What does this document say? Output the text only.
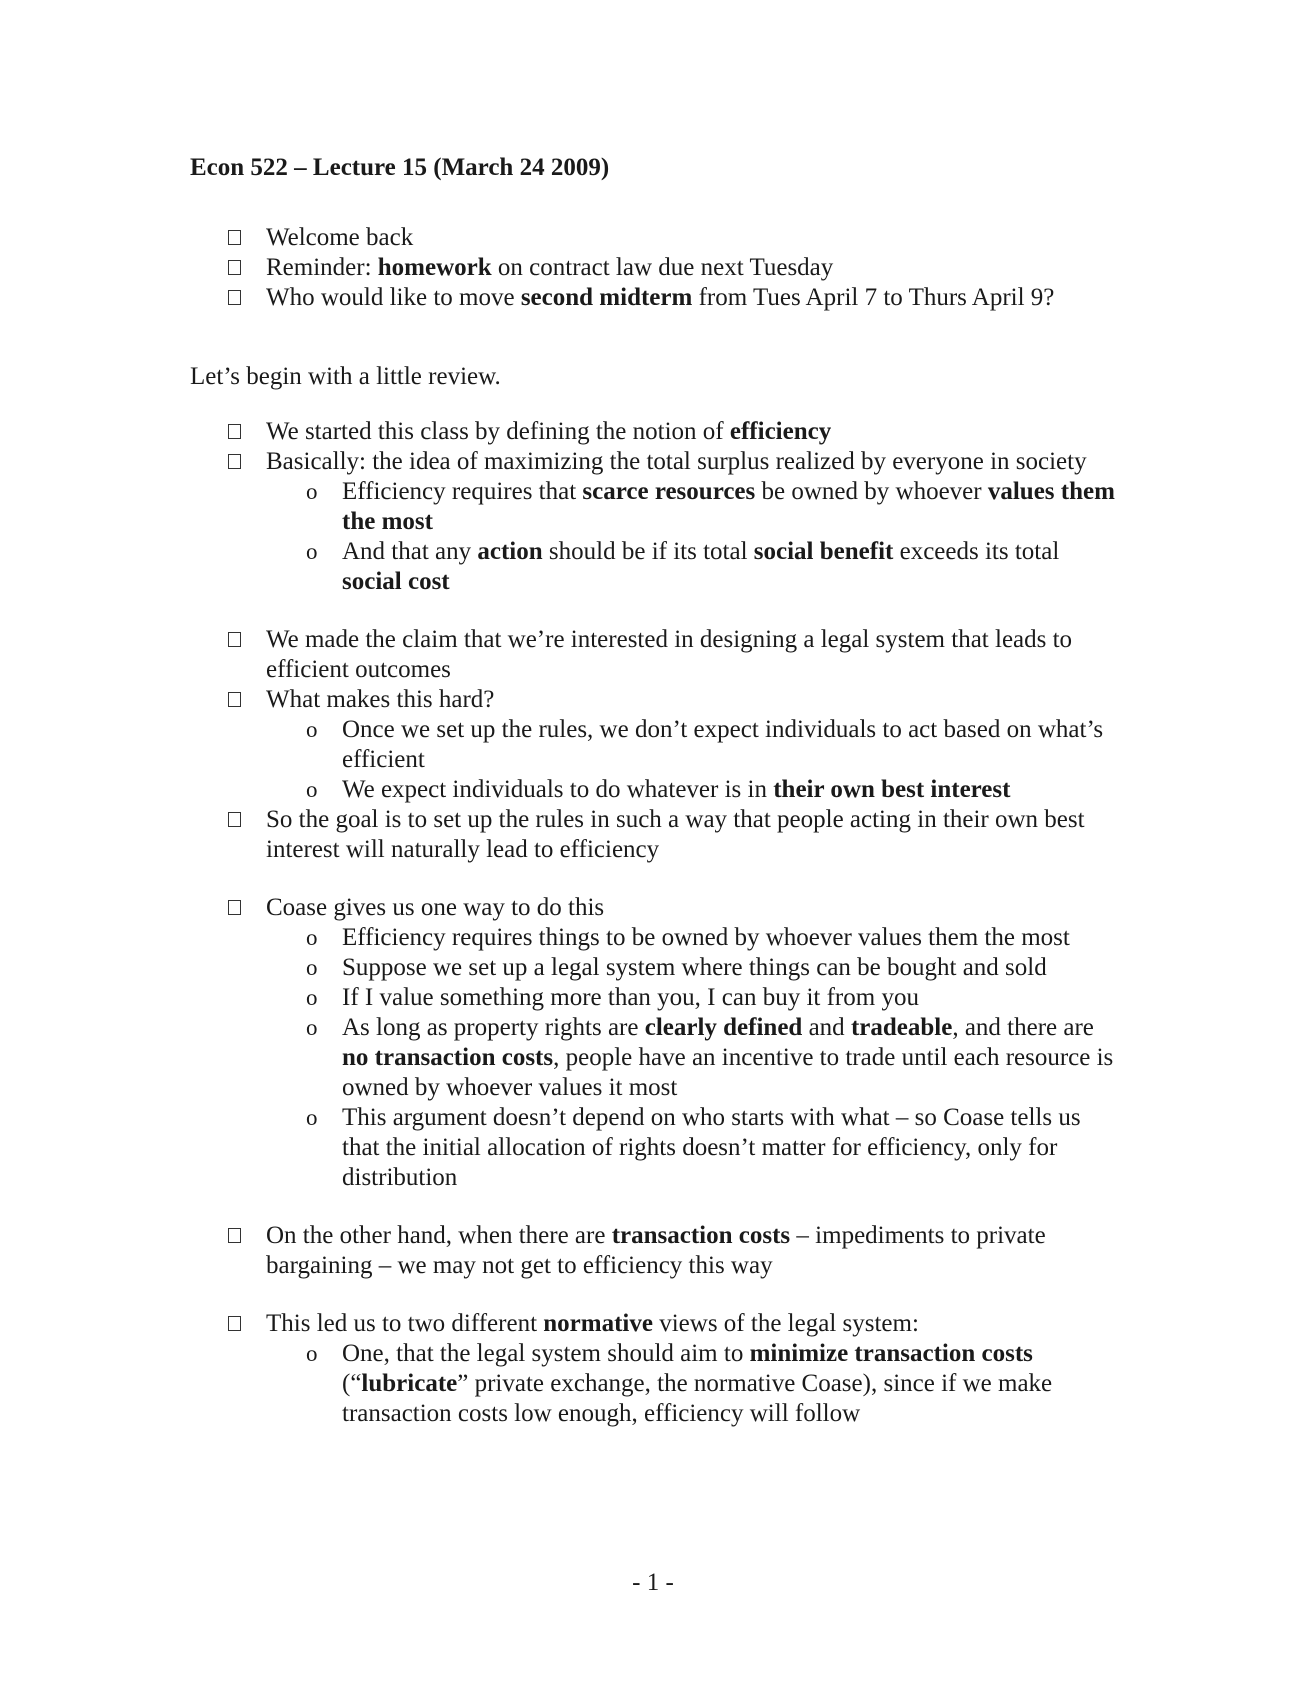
Econ 522 – Lecture 15 (March 24 2009)
Welcome back
Reminder: homework on contract law due next Tuesday
Who would like to move second midterm from Tues April 7 to Thurs April 9?
Let’s begin with a little review.
We started this class by defining the notion of efficiency
Basically: the idea of maximizing the total surplus realized by everyone in society
o Efficiency requires that scarce resources be owned by whoever values them the most
o And that any action should be if its total social benefit exceeds its total social cost
We made the claim that we’re interested in designing a legal system that leads to efficient outcomes
What makes this hard?
o Once we set up the rules, we don’t expect individuals to act based on what’s efficient
o We expect individuals to do whatever is in their own best interest
So the goal is to set up the rules in such a way that people acting in their own best interest will naturally lead to efficiency
Coase gives us one way to do this
o Efficiency requires things to be owned by whoever values them the most
o Suppose we set up a legal system where things can be bought and sold
o If I value something more than you, I can buy it from you
o As long as property rights are clearly defined and tradeable, and there are no transaction costs, people have an incentive to trade until each resource is owned by whoever values it most
o This argument doesn’t depend on who starts with what – so Coase tells us that the initial allocation of rights doesn’t matter for efficiency, only for distribution
On the other hand, when there are transaction costs – impediments to private bargaining – we may not get to efficiency this way
This led us to two different normative views of the legal system:
o One, that the legal system should aim to minimize transaction costs (“lubricate” private exchange, the normative Coase), since if we make transaction costs low enough, efficiency will follow
- 1 -
